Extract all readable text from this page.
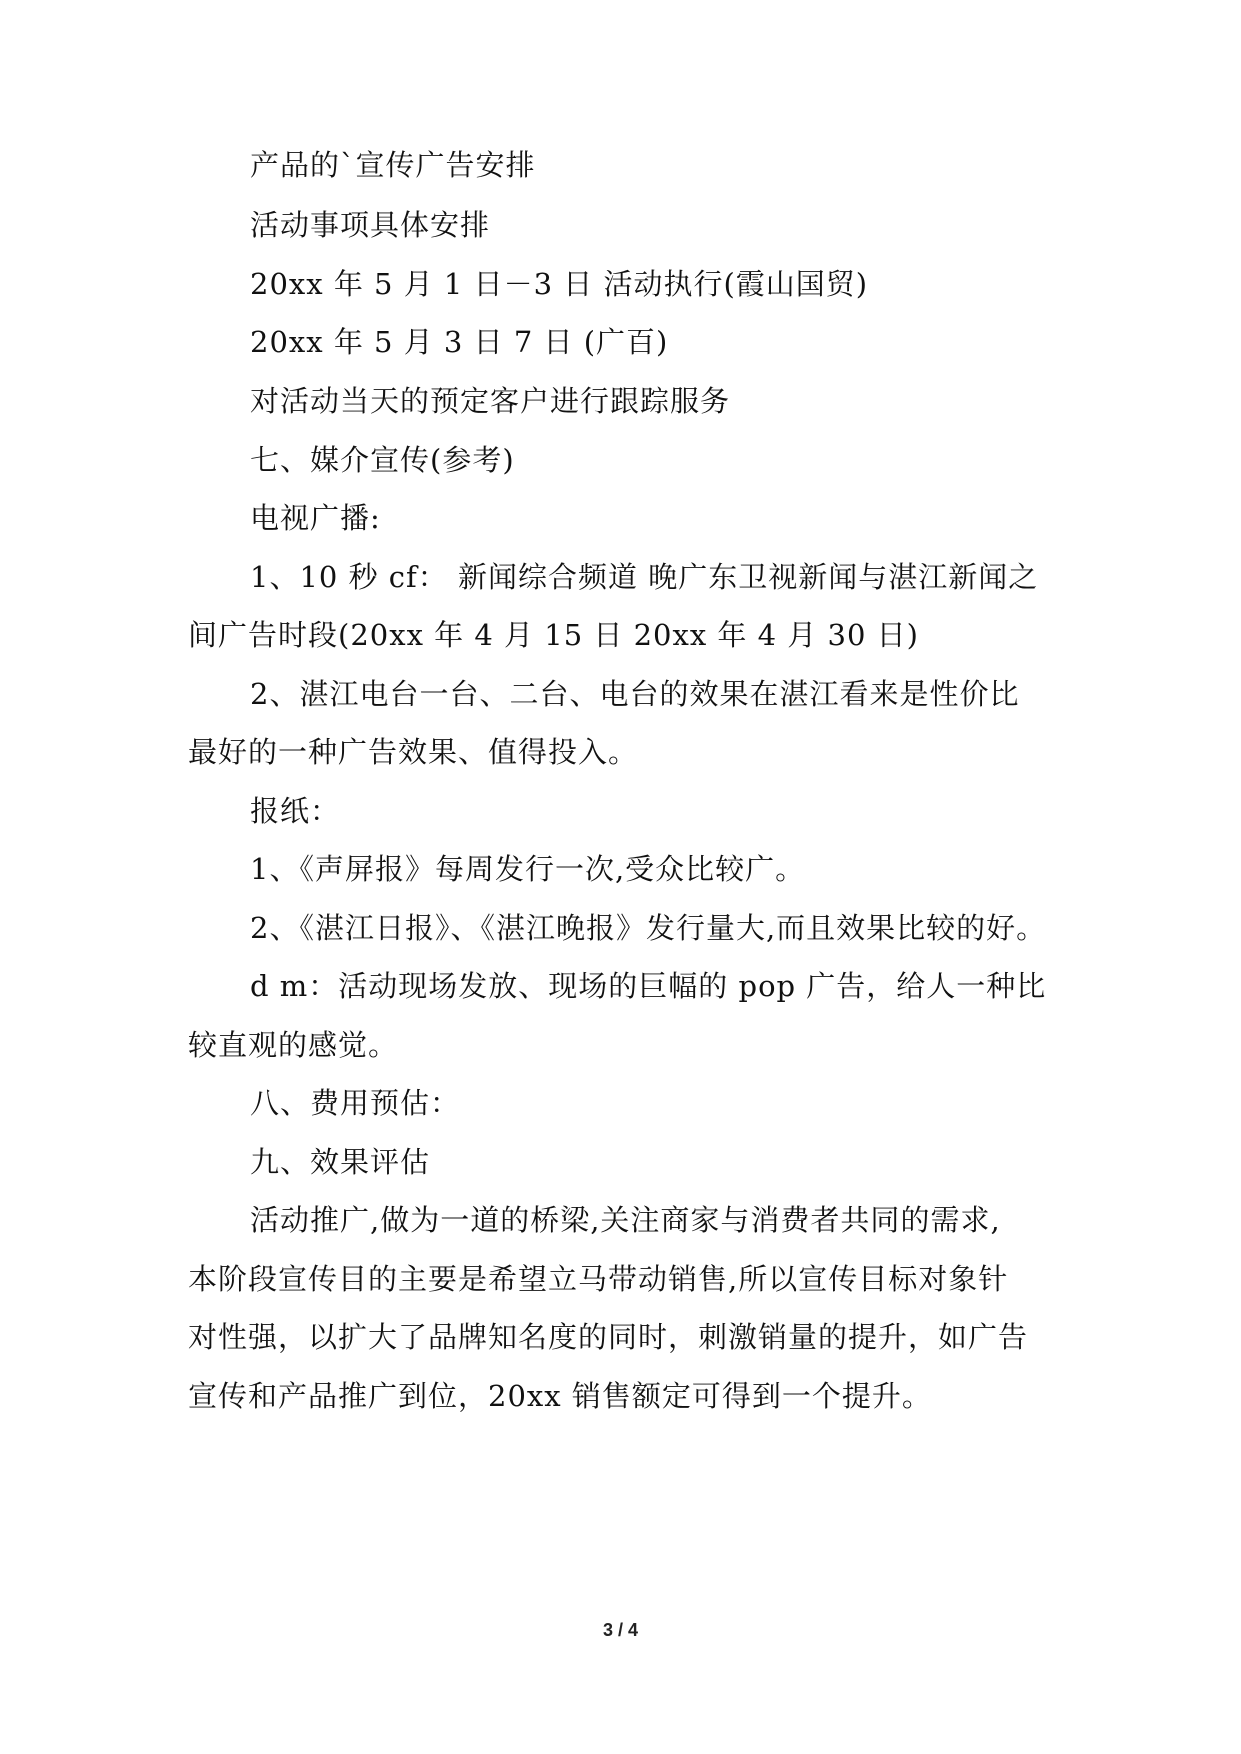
产品的`宣传广告安排
活动事项具体安排
20xx 年 5 月 1 日－3 日 活动执行(霞山国贸)
20xx 年 5 月 3 日 7 日 (广百)
对活动当天的预定客户进行跟踪服务
七、媒介宣传(参考)
电视广播:
1、10 秒 cf： 新闻综合频道 晚广东卫视新闻与湛江新闻之
间广告时段(20xx 年 4 月 15 日 20xx 年 4 月 30 日)
2、湛江电台一台、二台、电台的效果在湛江看来是性价比
最好的一种广告效果、值得投入。
报纸：
1、《声屏报》每周发行一次,受众比较广。
2、《湛江日报》、《湛江晚报》发行量大,而且效果比较的好。
d m：活动现场发放、现场的巨幅的 pop 广告，给人一种比
较直观的感觉。
八、费用预估：
九、效果评估
活动推广,做为一道的桥梁,关注商家与消费者共同的需求,
本阶段宣传目的主要是希望立马带动销售,所以宣传目标对象针
对性强，以扩大了品牌知名度的同时，刺激销量的提升，如广告
宣传和产品推广到位，20xx 销售额定可得到一个提升。
3 / 4
